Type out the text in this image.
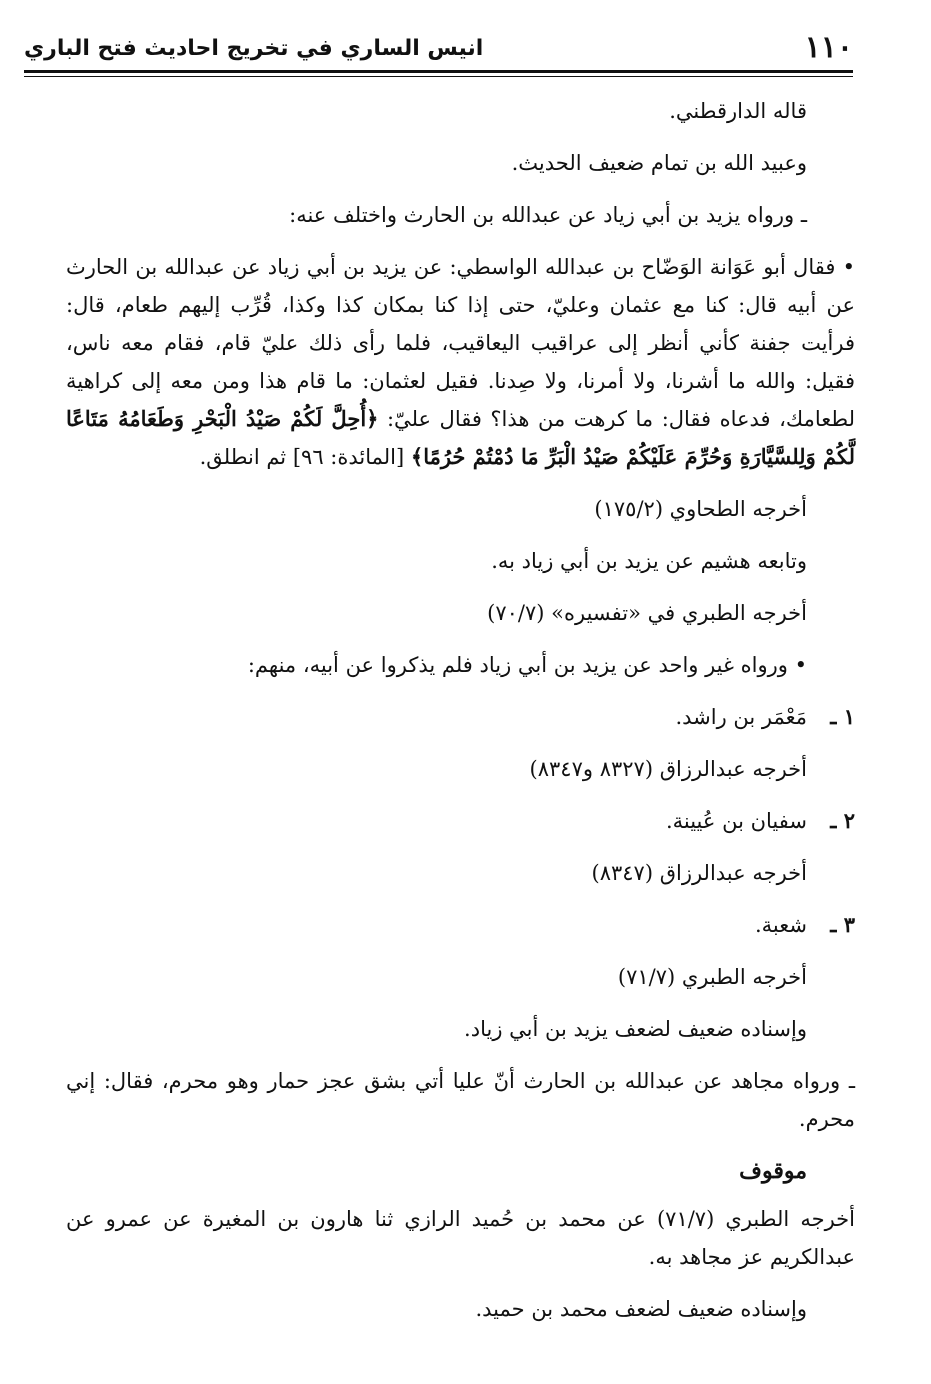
١١٠
انيس الساري في تخريج احاديث فتح الباري

قاله الدارقطني.

وعبيد الله بن تمام ضعيف الحديث.

ـ ورواه يزيد بن أبي زياد عن عبدالله بن الحارث واختلف عنه:

• فقال أبو عَوَانة الوَضّاح بن عبدالله الواسطي: عن يزيد بن أبي زياد عن عبدالله بن الحارث عن أبيه قال: كنا مع عثمان وعليّ، حتى إذا كنا بمكان كذا وكذا، قُرِّب إليهم طعام، قال: فرأيت جفنة كأني أنظر إلى عراقيب اليعاقيب، فلما رأى ذلك عليّ قام، فقام معه ناس، فقيل: والله ما أشرنا، ولا أمرنا، ولا صِدنا. فقيل لعثمان: ما قام هذا ومن معه إلى كراهية لطعامك، فدعاه فقال: ما كرهت من هذا؟ فقال عليّ: ﴿أُحِلَّ لَكُمْ صَيْدُ الْبَحْرِ وَطَعَامُهُ مَتَاعًا لَّكُمْ وَلِلسَّيَّارَةِ وَحُرِّمَ عَلَيْكُمْ صَيْدُ الْبَرِّ مَا دُمْتُمْ حُرُمًا﴾ [المائدة: ٩٦] ثم انطلق.

أخرجه الطحاوي (١٧٥/٢)

وتابعه هشيم عن يزيد بن أبي زياد به.

أخرجه الطبري في «تفسيره» (٧٠/٧)

• ورواه غير واحد عن يزيد بن أبي زياد فلم يذكروا عن أبيه، منهم:

١ ـ
مَعْمَر بن راشد.

أخرجه عبدالرزاق (٨٣٢٧ و٨٣٤٧)

٢ ـ
سفيان بن عُيينة.

أخرجه عبدالرزاق (٨٣٤٧)

٣ ـ
شعبة.

أخرجه الطبري (٧١/٧)

وإسناده ضعيف لضعف يزيد بن أبي زياد.

ـ ورواه مجاهد عن عبدالله بن الحارث أنّ عليا أتي بشق عجز حمار وهو محرم، فقال: إني محرم.

موقوف

أخرجه الطبري (٧١/٧) عن محمد بن حُميد الرازي ثنا هارون بن المغيرة عن عمرو عن عبدالكريم عز مجاهد به.

وإسناده ضعيف لضعف محمد بن حميد.
